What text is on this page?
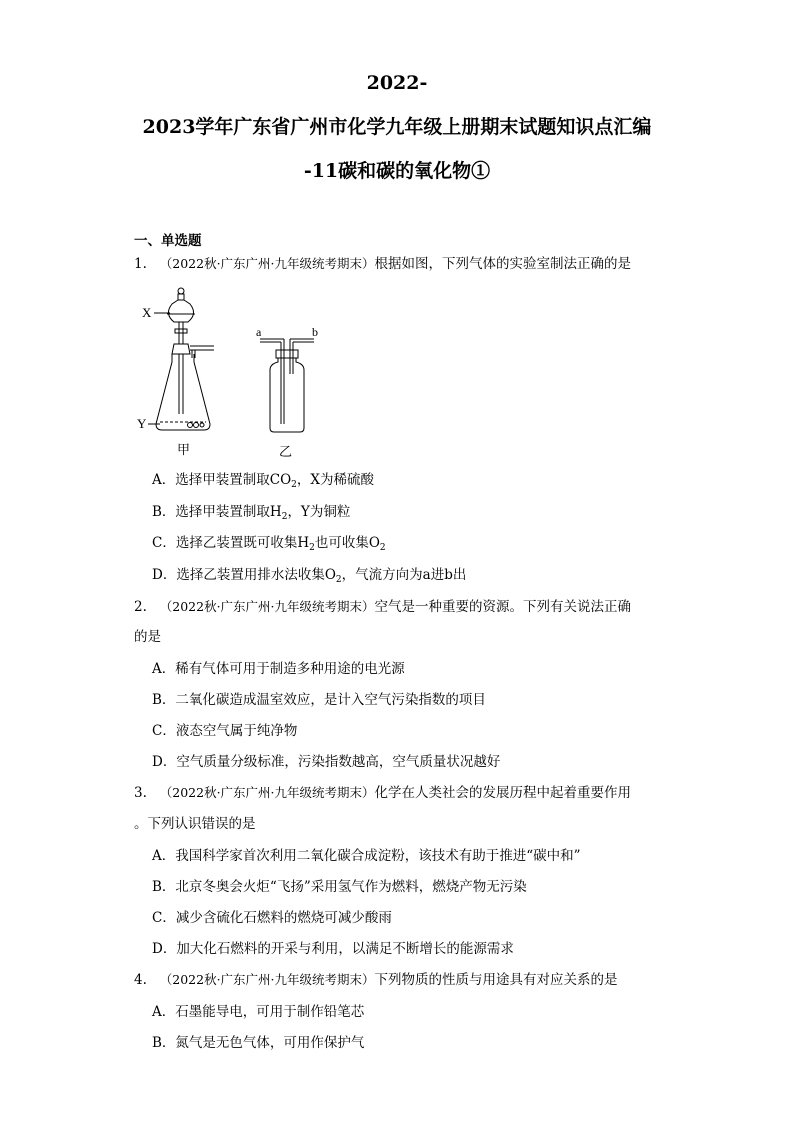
2022-
2023学年广东省广州市化学九年级上册期末试题知识点汇编
-11碳和碳的氧化物①
一、单选题
1. （2022秋·广东广州·九年级统考期末）根据如图，下列气体的实验室制法正确的是
X
Y
a	b
甲	乙
A．选择甲装置制取$CO_2$，X为稀硫酸
B．选择甲装置制取$H_2$，Y为铜粒
C．选择乙装置既可收集$H_2$也可收集$O_2$
D．选择乙装置用排水法收集$O_2$，气流方向为a进b出
2. （2022秋·广东广州·九年级统考期末）空气是一种重要的资源。下列有关说法正确
的是
A．稀有气体可用于制造多种用途的电光源
B．二氧化碳造成温室效应，是计入空气污染指数的项目
C．液态空气属于纯净物
D．空气质量分级标准，污染指数越高，空气质量状况越好
3. （2022秋·广东广州·九年级统考期末）化学在人类社会的发展历程中起着重要作用
。下列认识错误的是
A．我国科学家首次利用二氧化碳合成淀粉，该技术有助于推进“碳中和”
B．北京冬奥会火炬“飞扬”采用氢气作为燃料，燃烧产物无污染
C．减少含硫化石燃料的燃烧可减少酸雨
D．加大化石燃料的开采与利用，以满足不断增长的能源需求
4. （2022秋·广东广州·九年级统考期末）下列物质的性质与用途具有对应关系的是
A．石墨能导电，可用于制作铅笔芯
B．氮气是无色气体，可用作保护气
